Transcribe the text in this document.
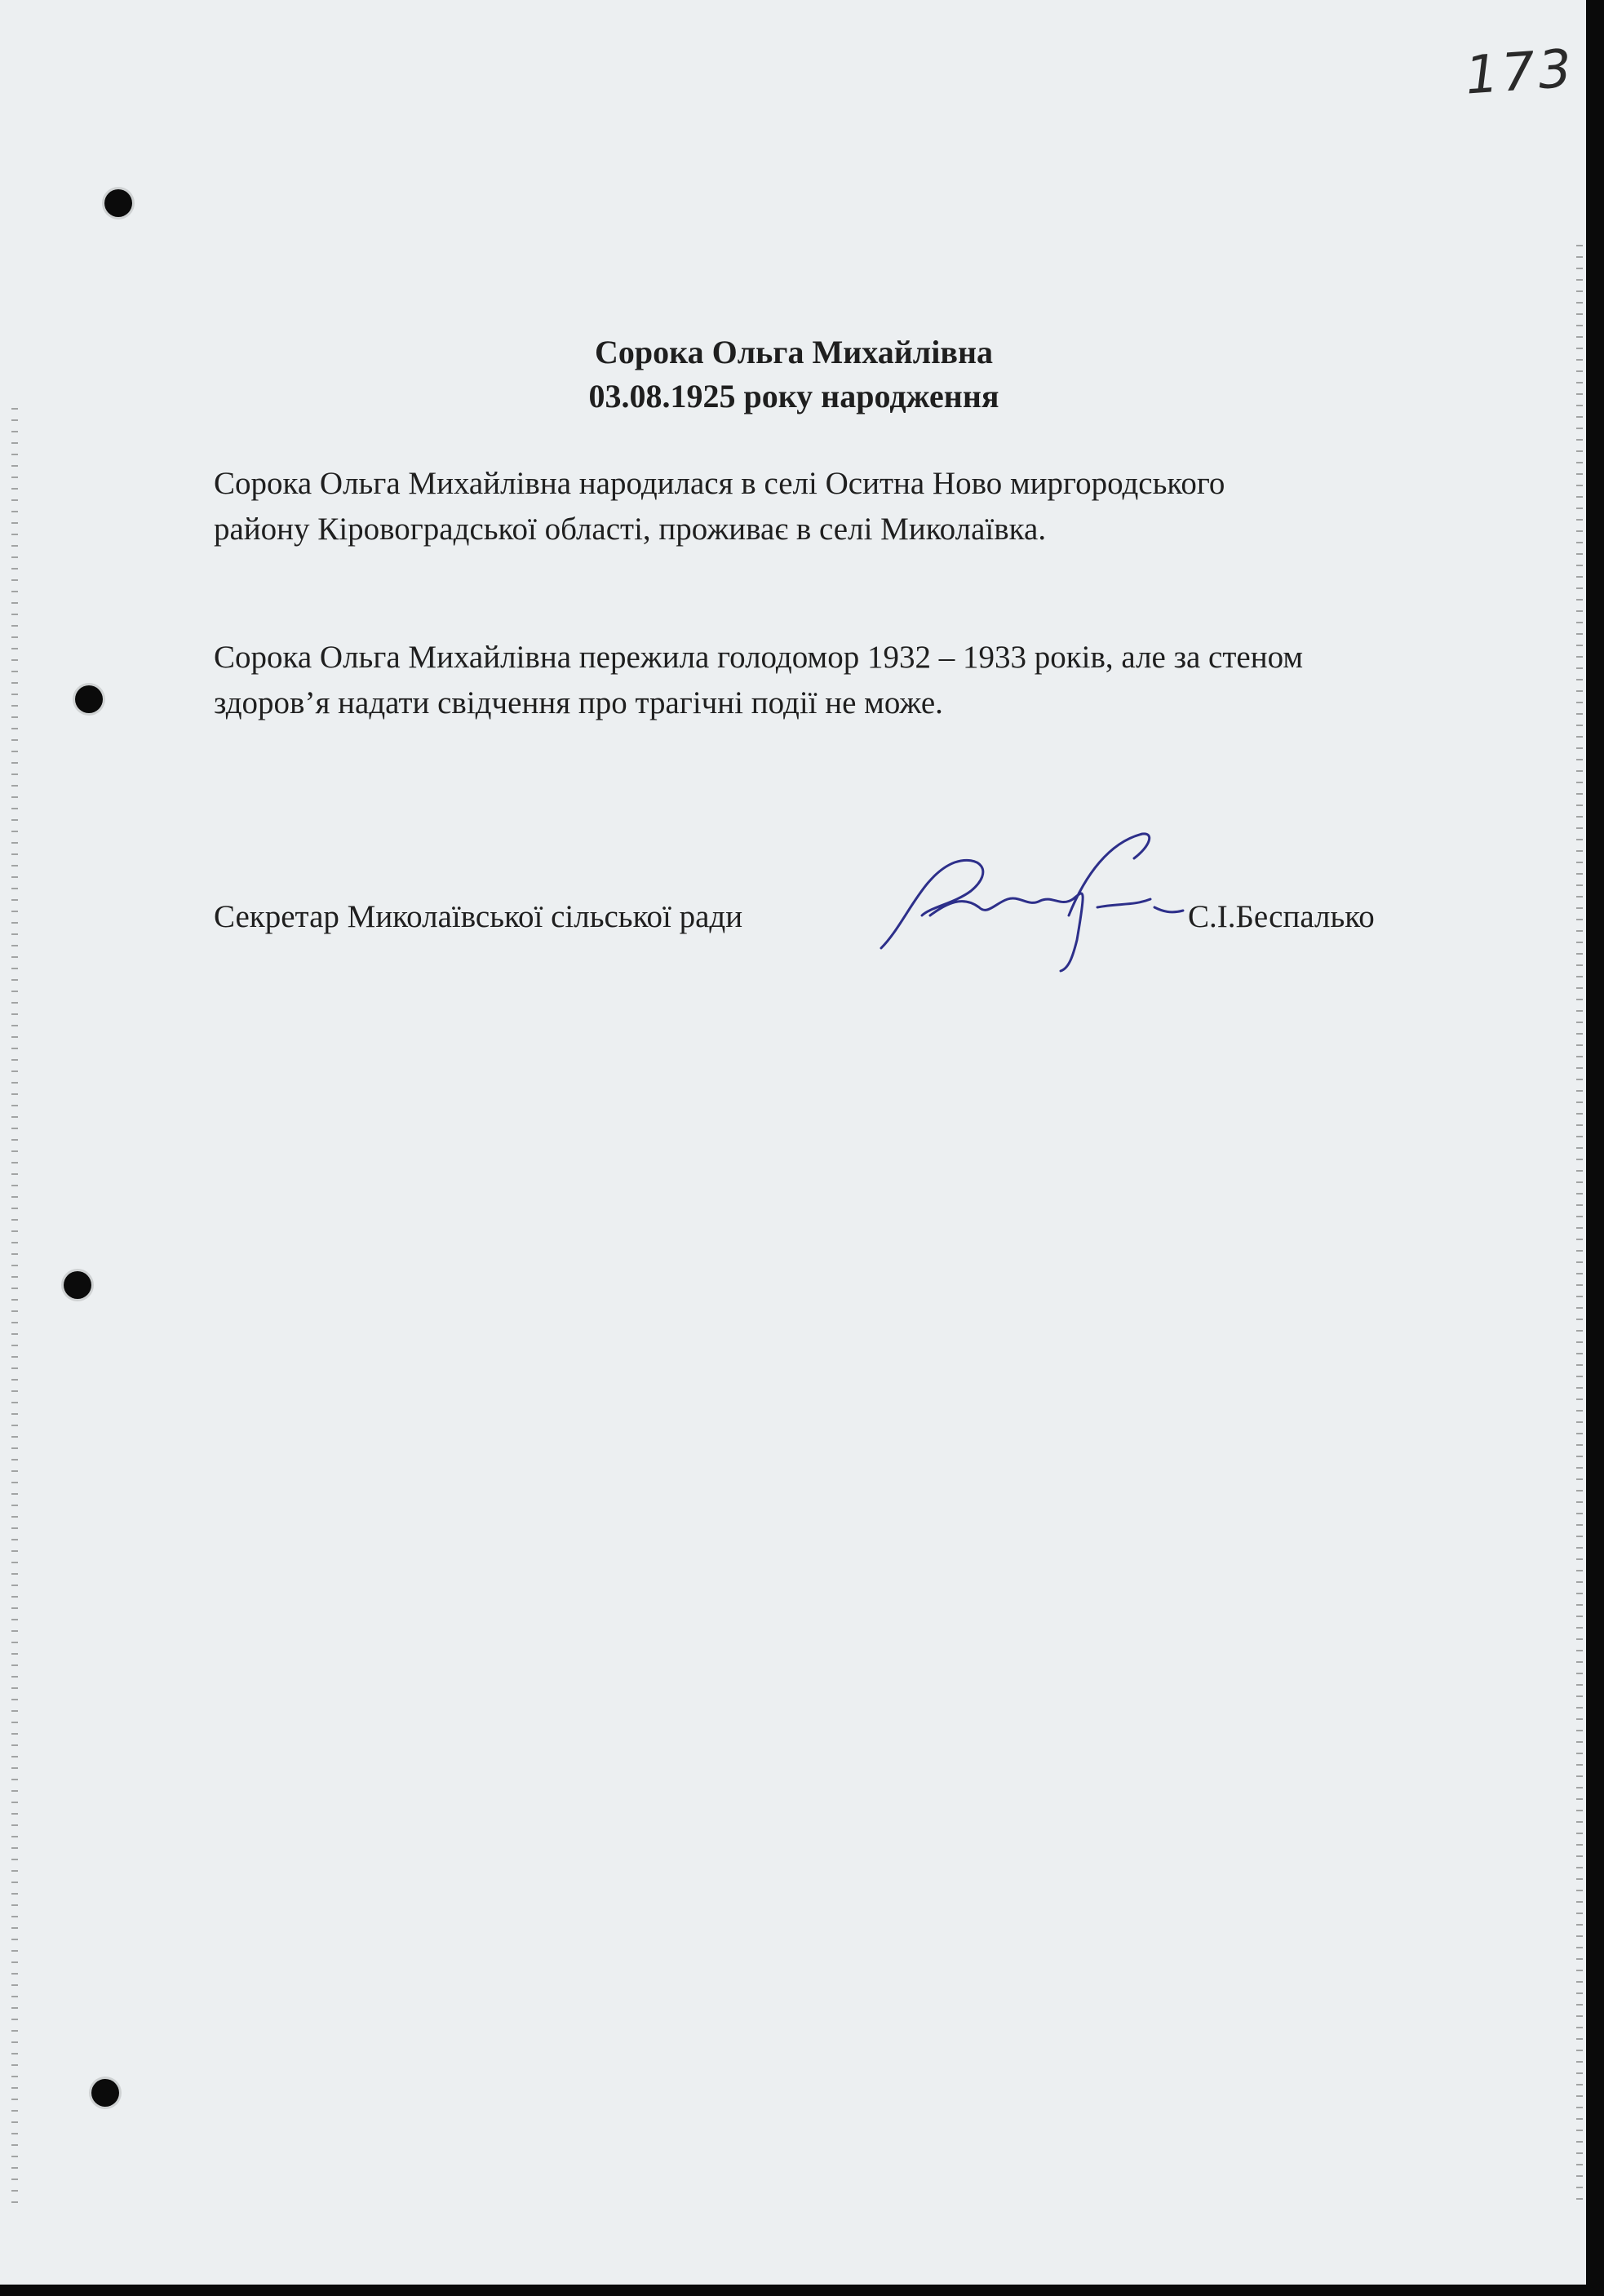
173
Сорока Ольга Михайлівна
03.08.1925 року народження

Сорока Ольга Михайлівна народилася в селі Оситна Ново миргородського

району Кіровоградської області, проживає в селі Миколаївка.

Сорока Ольга Михайлівна пережила голодомор 1932 – 1933 років, але за стеном

здоров’я надати свідчення про трагічні події не може.

Секретар Миколаївської сільської ради	С.І.Беспалько
